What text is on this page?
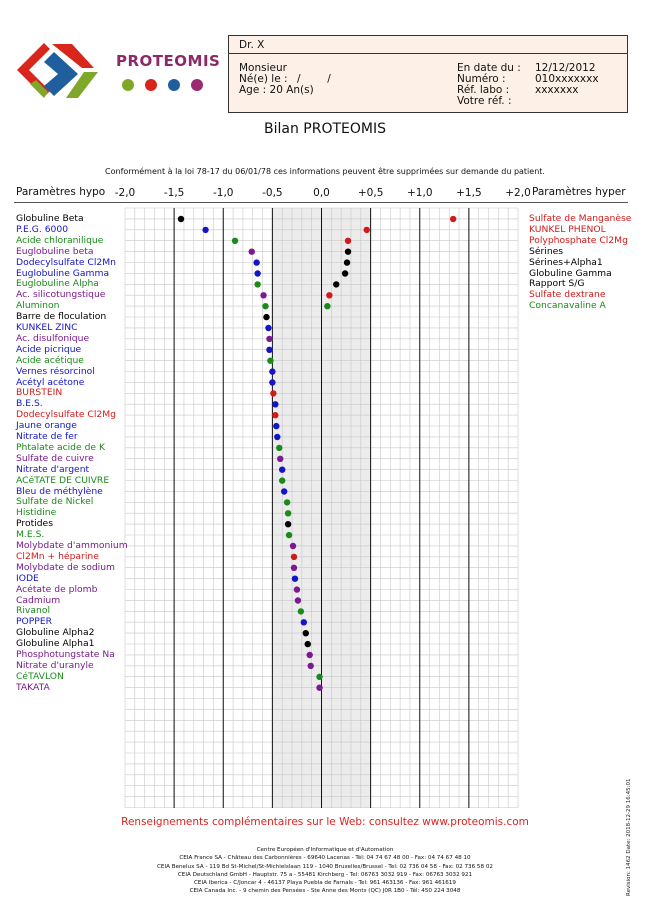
PROTEOMIS
Dr. X
Monsieur
Né(e) le : /        /
Age : 20 An(s)
En date du : 12/12/2012
Numéro :	010xxxxxxx
Réf. labo : xxxxxxx
Votre réf. :
Bilan PROTEOMIS
Conformément à la loi 78-17 du 06/01/78 ces informations peuvent être supprimées sur demande du patient.
Paramètres hypo	Paramètres hyper
-2,0	-1,5	-1,0	-0,5	0,0	+0,5 +1,0 +1,5 +2,0
Globuline Beta
P.E.G. 6000
Acide chloranilique
Euglobuline beta
Dodecylsulfate Cl2Mn
Euglobuline Gamma
Euglobuline Alpha
Ac. silicotungstique
Aluminon
Barre de floculation
KUNKEL ZINC
Ac. disulfonique
Acide picrique
Acide acétique
Vernes résorcinol
Acétyl acétone
BURSTEIN
B.E.S.
Dodecylsulfate Cl2Mg
Jaune orange
Nitrate de fer
Phtalate acide de K
Sulfate de cuivre
Nitrate d'argent
ACéTATE DE CUIVRE
Bleu de méthylène
Sulfate de Nickel
Histidine
Protides
M.E.S.
Molybdate d'ammonium
Cl2Mn + héparine
Molybdate de sodium
IODE
Acétate de plomb
Cadmium
Rivanol
POPPER
Globuline Alpha2
Globuline Alpha1
Phosphotungstate Na
Nitrate d'uranyle
CéTAVLON
TAKATA
Sulfate de Manganèse
KUNKEL PHENOL
Polyphosphate Cl2Mg
Sérines
Sérines+Alpha1
Globuline Gamma
Rapport S/G
Sulfate dextrane
Concanavaline A
Renseignements complémentaires sur le Web: consultez www.proteomis.com
Centre Européen d'Informatique et d'Automation
CEIA France SA - Château des Carbonnières - 69640 Lacenas - Tél: 04 74 67 48 00 - Fax: 04 74 67 48 10
CEIA Benelux SA - 119 Bd St-Michel/St-Michielslaan 119 - 1040 Bruxelles/Brussel - Tel: 02 736 04 58 - Fax: 02 736 58 02
CEIA Deutschland GmbH - Hauptstr. 75 a - 55481 Kirchberg - Tel: 06763 3032 919 - Fax: 06763 3032 921
CEIA Iberica - C/Joncar 4 - 46137 Playa Puebla de Farnals - Tel: 961 463136 - Fax: 961 461619
CEIA Canada Inc. - 9 chemin des Pensées - Ste Anne des Monts (QC) J0R 1B0 - Tél: 450 224 3048	Revision: 1462 Date: 2018-12-29 16:45:01
